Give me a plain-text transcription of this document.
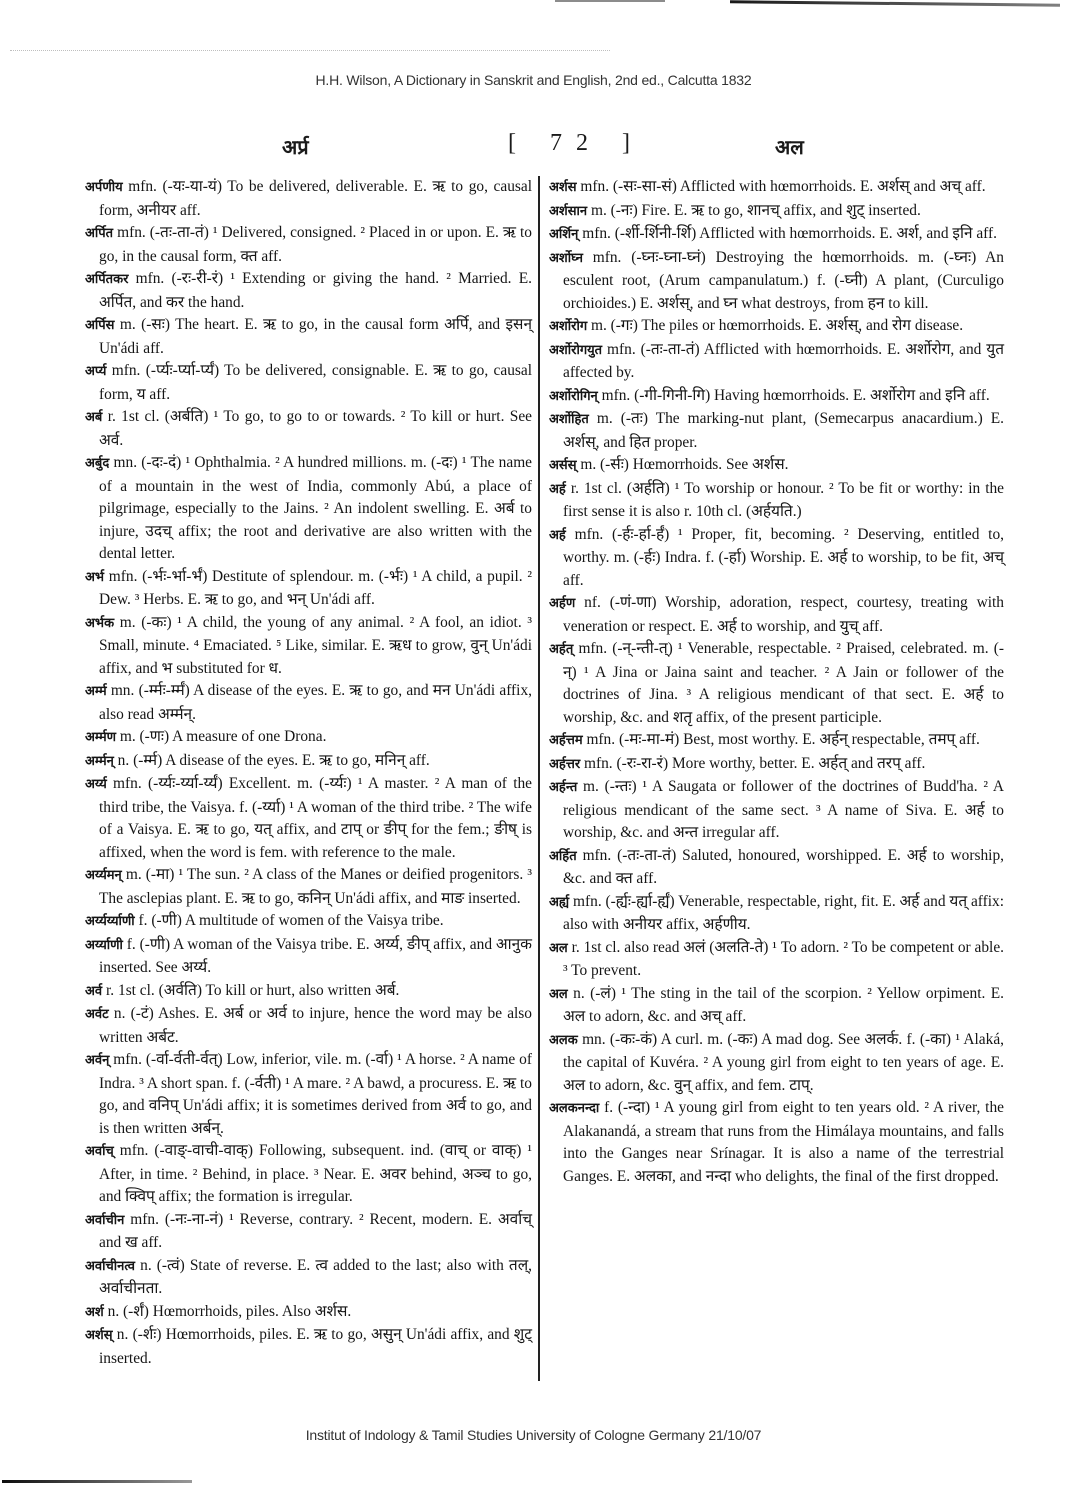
H.H. Wilson, A Dictionary in Sanskrit and English, 2nd ed., Calcutta 1832
अर्प्र	[ 72 ]	अल

अर्पणीय mfn. (-यः-या-यं) To be delivered, deliverable. E. ऋ to go, causal form, अनीयर aff.

अर्पित mfn. (-तः-ता-तं) ¹ Delivered, consigned. ² Placed in or upon. E. ऋ to go, in the causal form, क्त aff.

अर्पितकर mfn. (-रः-री-रं) ¹ Extending or giving the hand. ² Married. E. अर्पित, and कर the hand.

अर्पिस m. (-सः) The heart. E. ऋ to go, in the causal form अर्पि, and इसन् Un'ádi aff.

अर्प्य mfn. (-र्प्यः-र्प्या-र्प्यं) To be delivered, consignable. E. ऋ to go, causal form, य aff.

अर्ब r. 1st cl. (अर्बति) ¹ To go, to go to or towards. ² To kill or hurt. See अर्व.

अर्बुद mn. (-दः-दं) ¹ Ophthalmia. ² A hundred millions. m. (-दः) ¹ The name of a mountain in the west of India, commonly Abú, a place of pilgrimage, especially to the Jains. ² An indolent swelling. E. अर्ब to injure, उदच् affix; the root and derivative are also written with the dental letter.

अर्भ mfn. (-र्भः-र्भा-र्भं) Destitute of splendour. m. (-र्भः) ¹ A child, a pupil. ² Dew. ³ Herbs. E. ऋ to go, and भन् Un'ádi aff.

अर्भक m. (-कः) ¹ A child, the young of any animal. ² A fool, an idiot. ³ Small, minute. ⁴ Emaciated. ⁵ Like, similar. E. ऋध to grow, वुन् Un'ádi affix, and भ substituted for ध.

अर्म्म mn. (-र्म्मः-र्म्मं) A disease of the eyes. E. ऋ to go, and मन Un'ádi affix, also read अर्म्मन्.

अर्म्मण m. (-णः) A measure of one Drona.

अर्म्मन् n. (-र्म्म) A disease of the eyes. E. ऋ to go, मनिन् aff.

अर्य्य mfn. (-र्य्यः-र्य्या-र्य्यं) Excellent. m. (-र्य्यः) ¹ A master. ² A man of the third tribe, the Vaisya. f. (-र्य्या) ¹ A woman of the third tribe. ² The wife of a Vaisya. E. ऋ to go, यत् affix, and टाप् or ङीप् for the fem.; ङीष् is affixed, when the word is fem. with reference to the male.

अर्य्यमन् m. (-मा) ¹ The sun. ² A class of the Manes or deified progenitors. ³ The asclepias plant. E. ऋ to go, कनिन् Un'ádi affix, and माङ inserted.

अर्य्यर्य्याणी f. (-णी) A multitude of women of the Vaisya tribe.

अर्य्याणी f. (-णी) A woman of the Vaisya tribe. E. अर्य्य, ङीप् affix, and आनुक inserted. See अर्य्य.

अर्व r. 1st cl. (अर्वति) To kill or hurt, also written अर्ब.

अर्वट n. (-टं) Ashes. E. अर्ब or अर्व to injure, hence the word may be also written अर्बट.

अर्वन् mfn. (-र्वा-र्वती-र्वत्) Low, inferior, vile. m. (-र्वा) ¹ A horse. ² A name of Indra. ³ A short span. f. (-र्वती) ¹ A mare. ² A bawd, a procuress. E. ऋ to go, and वनिप् Un'ádi affix; it is sometimes derived from अर्व to go, and is then written अर्बन्.

अर्वाच् mfn. (-वाङ्-वाची-वाक्) Following, subsequent. ind. (वाच् or वाक्) ¹ After, in time. ² Behind, in place. ³ Near. E. अवर behind, अञ्च to go, and क्विप् affix; the formation is irregular.

अर्वाचीन mfn. (-नः-ना-नं) ¹ Reverse, contrary. ² Recent, modern. E. अर्वाच् and ख aff.

अर्वाचीनत्व n. (-त्वं) State of reverse. E. त्व added to the last; also with तल्, अर्वाचीनता.

अर्श n. (-र्शं) Hœmorrhoids, piles. Also अर्शस.

अर्शस् n. (-र्शः) Hœmorrhoids, piles. E. ऋ to go, असुन् Un'ádi affix, and शुट् inserted.

अर्शस mfn. (-सः-सा-सं) Afflicted with hœmorrhoids. E. अर्शस् and अच् aff.

अर्शसान m. (-नः) Fire. E. ऋ to go, शानच् affix, and शुट् inserted.

अर्शिन् mfn. (-र्शी-र्शिनी-र्शि) Afflicted with hœmorrhoids. E. अर्श, and इनि aff.

अर्शोघ्न mfn. (-घ्नः-घ्ना-घ्नं) Destroying the hœmorrhoids. m. (-घ्नः) An esculent root, (Arum campanulatum.) f. (-घ्नी) A plant, (Curculigo orchioides.) E. अर्शस्, and घ्न what destroys, from हन to kill.

अर्शोरोग m. (-गः) The piles or hœmorrhoids. E. अर्शस्, and रोग disease.

अर्शोरोगयुत mfn. (-तः-ता-तं) Afflicted with hœmorrhoids. E. अर्शोरोग, and युत affected by.

अर्शोरोगिन् mfn. (-गी-गिनी-गि) Having hœmorrhoids. E. अर्शोरोग and इनि aff.

अर्शोहित m. (-तः) The marking-nut plant, (Semecarpus anacardium.) E. अर्शस्, and हित proper.

अर्सस् m. (-र्सः) Hœmorrhoids. See अर्शस.

अर्ह r. 1st cl. (अर्हति) ¹ To worship or honour. ² To be fit or worthy: in the first sense it is also r. 10th cl. (अर्हयति.)

अर्ह mfn. (-र्हः-र्हा-र्हं) ¹ Proper, fit, becoming. ² Deserving, entitled to, worthy. m. (-र्हः) Indra. f. (-र्हा) Worship. E. अर्ह to worship, to be fit, अच् aff.

अर्हण nf. (-णं-णा) Worship, adoration, respect, courtesy, treating with veneration or respect. E. अर्ह to worship, and युच् aff.

अर्हत् mfn. (-न्-न्ती-त्) ¹ Venerable, respectable. ² Praised, celebrated. m. (-न्) ¹ A Jina or Jaina saint and teacher. ² A Jain or follower of the doctrines of Jina. ³ A religious mendicant of that sect. E. अर्ह to worship, &c. and शतृ affix, of the present participle.

अर्हत्तम mfn. (-मः-मा-मं) Best, most worthy. E. अर्हन् respectable, तमप् aff.

अर्हत्तर mfn. (-रः-रा-रं) More worthy, better. E. अर्हत् and तरप् aff.

अर्हन्त m. (-न्तः) ¹ A Saugata or follower of the doctrines of Budd'ha. ² A religious mendicant of the same sect. ³ A name of Siva. E. अर्ह to worship, &c. and अन्त irregular aff.

अर्हित mfn. (-तः-ता-तं) Saluted, honoured, worshipped. E. अर्ह to worship, &c. and क्त aff.

अर्ह्य mfn. (-र्ह्यः-र्ह्या-र्ह्यं) Venerable, respectable, right, fit. E. अर्ह and यत् affix: also with अनीयर affix, अर्हणीय.

अल r. 1st cl. also read अलं (अलति-ते) ¹ To adorn. ² To be competent or able. ³ To prevent.

अल n. (-लं) ¹ The sting in the tail of the scorpion. ² Yellow orpiment. E. अल to adorn, &c. and अच् aff.

अलक mn. (-कः-कं) A curl. m. (-कः) A mad dog. See अलर्क. f. (-का) ¹ Alaká, the capital of Kuvéra. ² A young girl from eight to ten years of age. E. अल to adorn, &c. वुन् affix, and fem. टाप्.

अलकनन्दा f. (-न्दा) ¹ A young girl from eight to ten years old. ² A river, the Alakanandá, a stream that runs from the Himálaya mountains, and falls into the Ganges near Srínagar. It is also a name of the terrestrial Ganges. E. अलका, and नन्दा who delights, the final of the first dropped.

Institut of Indology & Tamil Studies University of Cologne Germany 21/10/07
